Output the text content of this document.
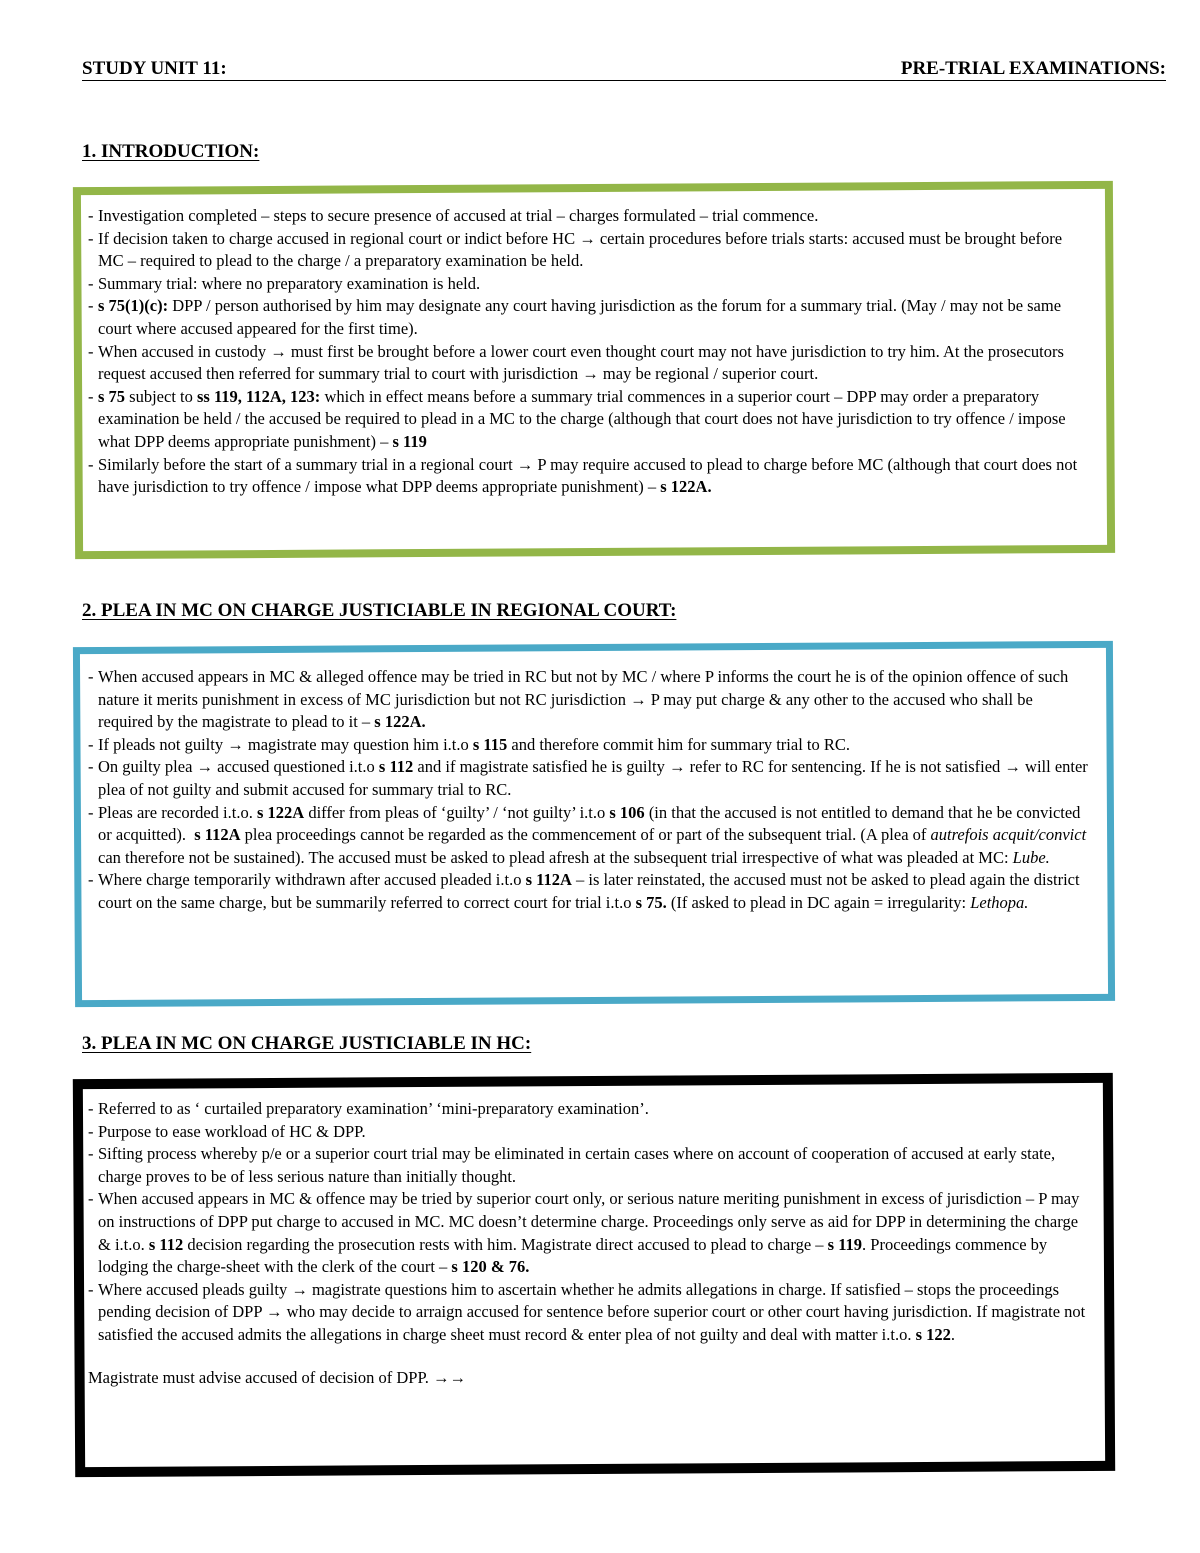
STUDY UNIT 11:	PRE-TRIAL EXAMINATIONS:
1. INTRODUCTION:
- Investigation completed – steps to secure presence of accused at trial – charges formulated – trial commence.
- If decision taken to charge accused in regional court or indict before HC → certain procedures before trials starts: accused must be brought before MC – required to plead to the charge / a preparatory examination be held.
- Summary trial: where no preparatory examination is held.
- s 75(1)(c): DPP / person authorised by him may designate any court having jurisdiction as the forum for a summary trial. (May / may not be same court where accused appeared for the first time).
- When accused in custody → must first be brought before a lower court even thought court may not have jurisdiction to try him. At the prosecutors request accused then referred for summary trial to court with jurisdiction → may be regional / superior court.
- s 75 subject to ss 119, 112A, 123: which in effect means before a summary trial commences in a superior court – DPP may order a preparatory examination be held / the accused be required to plead in a MC to the charge (although that court does not have jurisdiction to try offence / impose what DPP deems appropriate punishment) – s 119
- Similarly before the start of a summary trial in a regional court → P may require accused to plead to charge before MC (although that court does not have jurisdiction to try offence / impose what DPP deems appropriate punishment) – s 122A.
2. PLEA IN MC ON CHARGE JUSTICIABLE IN REGIONAL COURT:
- When accused appears in MC & alleged offence may be tried in RC but not by MC / where P informs the court he is of the opinion offence of such nature it merits punishment in excess of MC jurisdiction but not RC jurisdiction → P may put charge & any other to the accused who shall be required by the magistrate to plead to it – s 122A.
- If pleads not guilty → magistrate may question him i.t.o s 115 and therefore commit him for summary trial to RC.
- On guilty plea → accused questioned i.t.o s 112 and if magistrate satisfied he is guilty → refer to RC for sentencing. If he is not satisfied → will enter plea of not guilty and submit accused for summary trial to RC.
- Pleas are recorded i.t.o. s 122A differ from pleas of ‘guilty’ / ‘not guilty’ i.t.o s 106 (in that the accused is not entitled to demand that he be convicted or acquitted).  s 112A plea proceedings cannot be regarded as the commencement of or part of the subsequent trial. (A plea of autrefois acquit/convict can therefore not be sustained). The accused must be asked to plead afresh at the subsequent trial irrespective of what was pleaded at MC: Lube.
- Where charge temporarily withdrawn after accused pleaded i.t.o s 112A – is later reinstated, the accused must not be asked to plead again the district court on the same charge, but be summarily referred to correct court for trial i.t.o s 75. (If asked to plead in DC again = irregularity: Lethopa.
3. PLEA IN MC ON CHARGE JUSTICIABLE IN HC:
- Referred to as ‘ curtailed preparatory examination’ ‘mini-preparatory examination’.
- Purpose to ease workload of HC & DPP.
- Sifting process whereby p/e or a superior court trial may be eliminated in certain cases where on account of cooperation of accused at early state, charge proves to be of less serious nature than initially thought.
- When accused appears in MC & offence may be tried by superior court only, or serious nature meriting punishment in excess of jurisdiction – P may on instructions of DPP put charge to accused in MC. MC doesn’t determine charge. Proceedings only serve as aid for DPP in determining the charge & i.t.o. s 112 decision regarding the prosecution rests with him. Magistrate direct accused to plead to charge – s 119. Proceedings commence by lodging the charge-sheet with the clerk of the court – s 120 & 76.
- Where accused pleads guilty → magistrate questions him to ascertain whether he admits allegations in charge. If satisfied – stops the proceedings pending decision of DPP → who may decide to arraign accused for sentence before superior court or other court having jurisdiction. If magistrate not satisfied the accused admits the allegations in charge sheet must record & enter plea of not guilty and deal with matter i.t.o. s 122.
Magistrate must advise accused of decision of DPP. →→
